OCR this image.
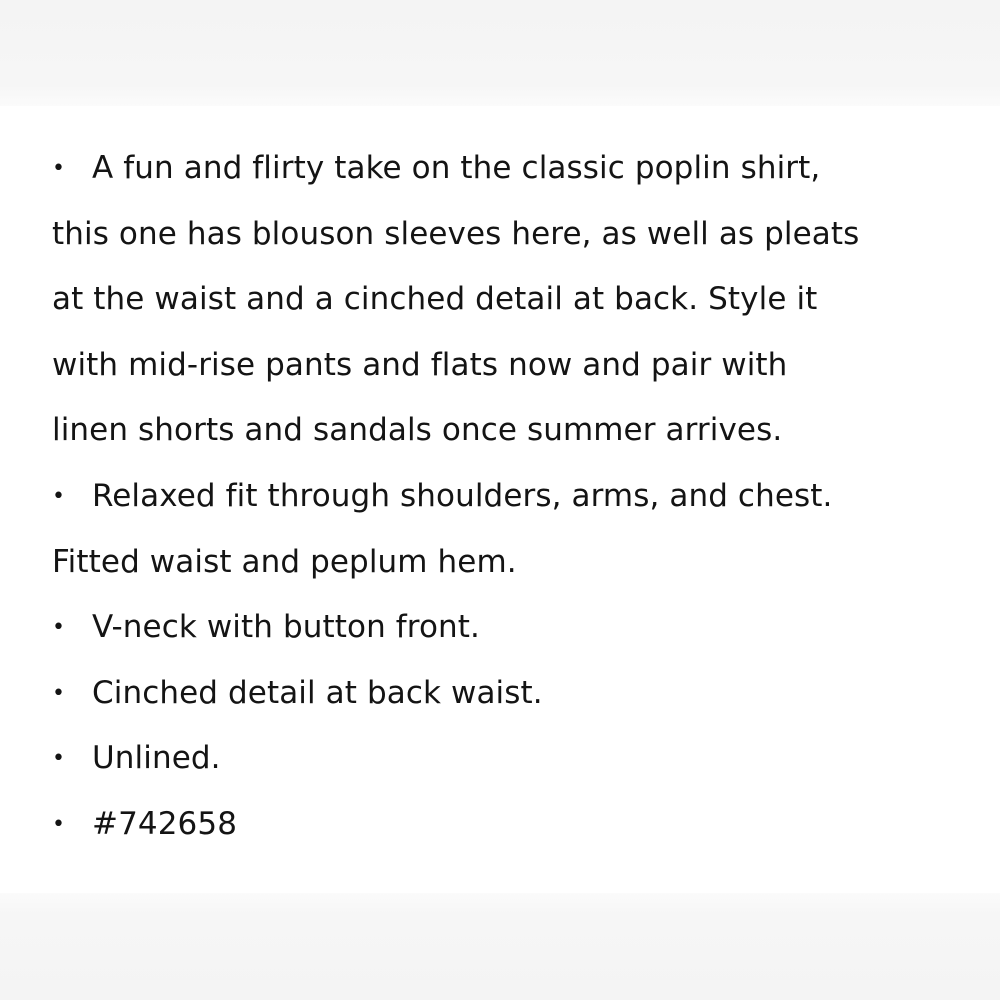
• A fun and flirty take on the classic poplin shirt,
this one has blouson sleeves here, as well as pleats
at the waist and a cinched detail at back. Style it
with mid-rise pants and flats now and pair with
linen shorts and sandals once summer arrives.

• Relaxed fit through shoulders, arms, and chest.
Fitted waist and peplum hem.

• V-neck with button front.

• Cinched detail at back waist.

• Unlined.

• #742658
